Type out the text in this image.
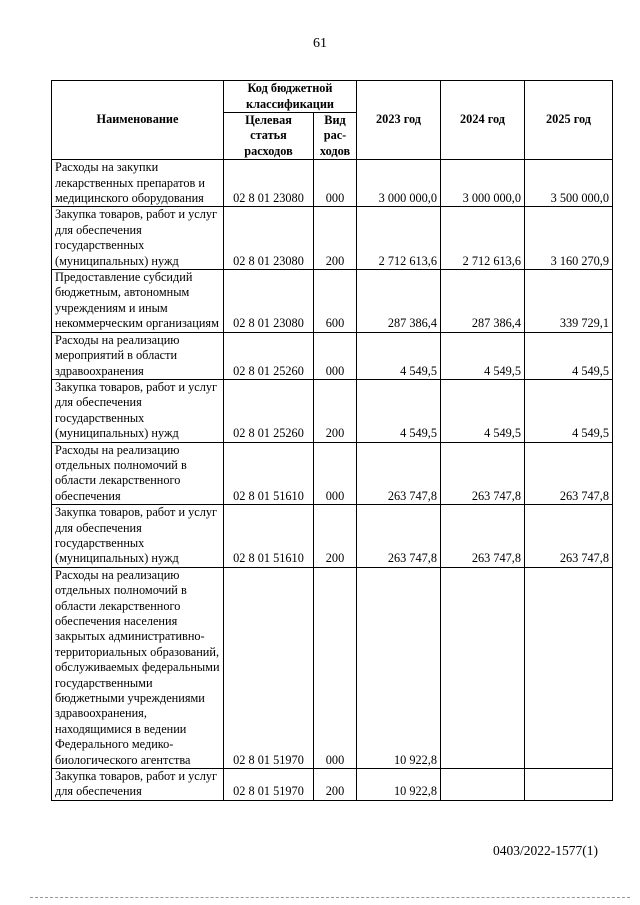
61
Наименование	Код бюджетной классификации		2023 год	2024 год	2025 год
	Целевая статья расходов	Вид рас-ходов			
Расходы на закупки лекарственных препаратов и медицинского оборудования	02 8 01 23080	000	3 000 000,0	3 000 000,0	3 500 000,0
Закупка товаров, работ и услуг для обеспечения государственных (муниципальных) нужд	02 8 01 23080	200	2 712 613,6	2 712 613,6	3 160 270,9
Предоставление субсидий бюджетным, автономным учреждениям и иным некоммерческим организациям	02 8 01 23080	600	287 386,4	287 386,4	339 729,1
Расходы на реализацию мероприятий в области здравоохранения	02 8 01 25260	000	4 549,5	4 549,5	4 549,5
Закупка товаров, работ и услуг для обеспечения государственных (муниципальных) нужд	02 8 01 25260	200	4 549,5	4 549,5	4 549,5
Расходы на реализацию отдельных полномочий в области лекарственного обеспечения	02 8 01 51610	000	263 747,8	263 747,8	263 747,8
Закупка товаров, работ и услуг для обеспечения государственных (муниципальных) нужд	02 8 01 51610	200	263 747,8	263 747,8	263 747,8
Расходы на реализацию отдельных полномочий в области лекарственного обеспечения населения закрытых административно-территориальных образований, обслуживаемых федеральными государственными бюджетными учреждениями здравоохранения, находящимися в ведении Федерального медико-биологического агентства	02 8 01 51970	000	10 922,8		
Закупка товаров, работ и услуг для обеспечения	02 8 01 51970	200	10 922,8		
0403/2022-1577(1)
